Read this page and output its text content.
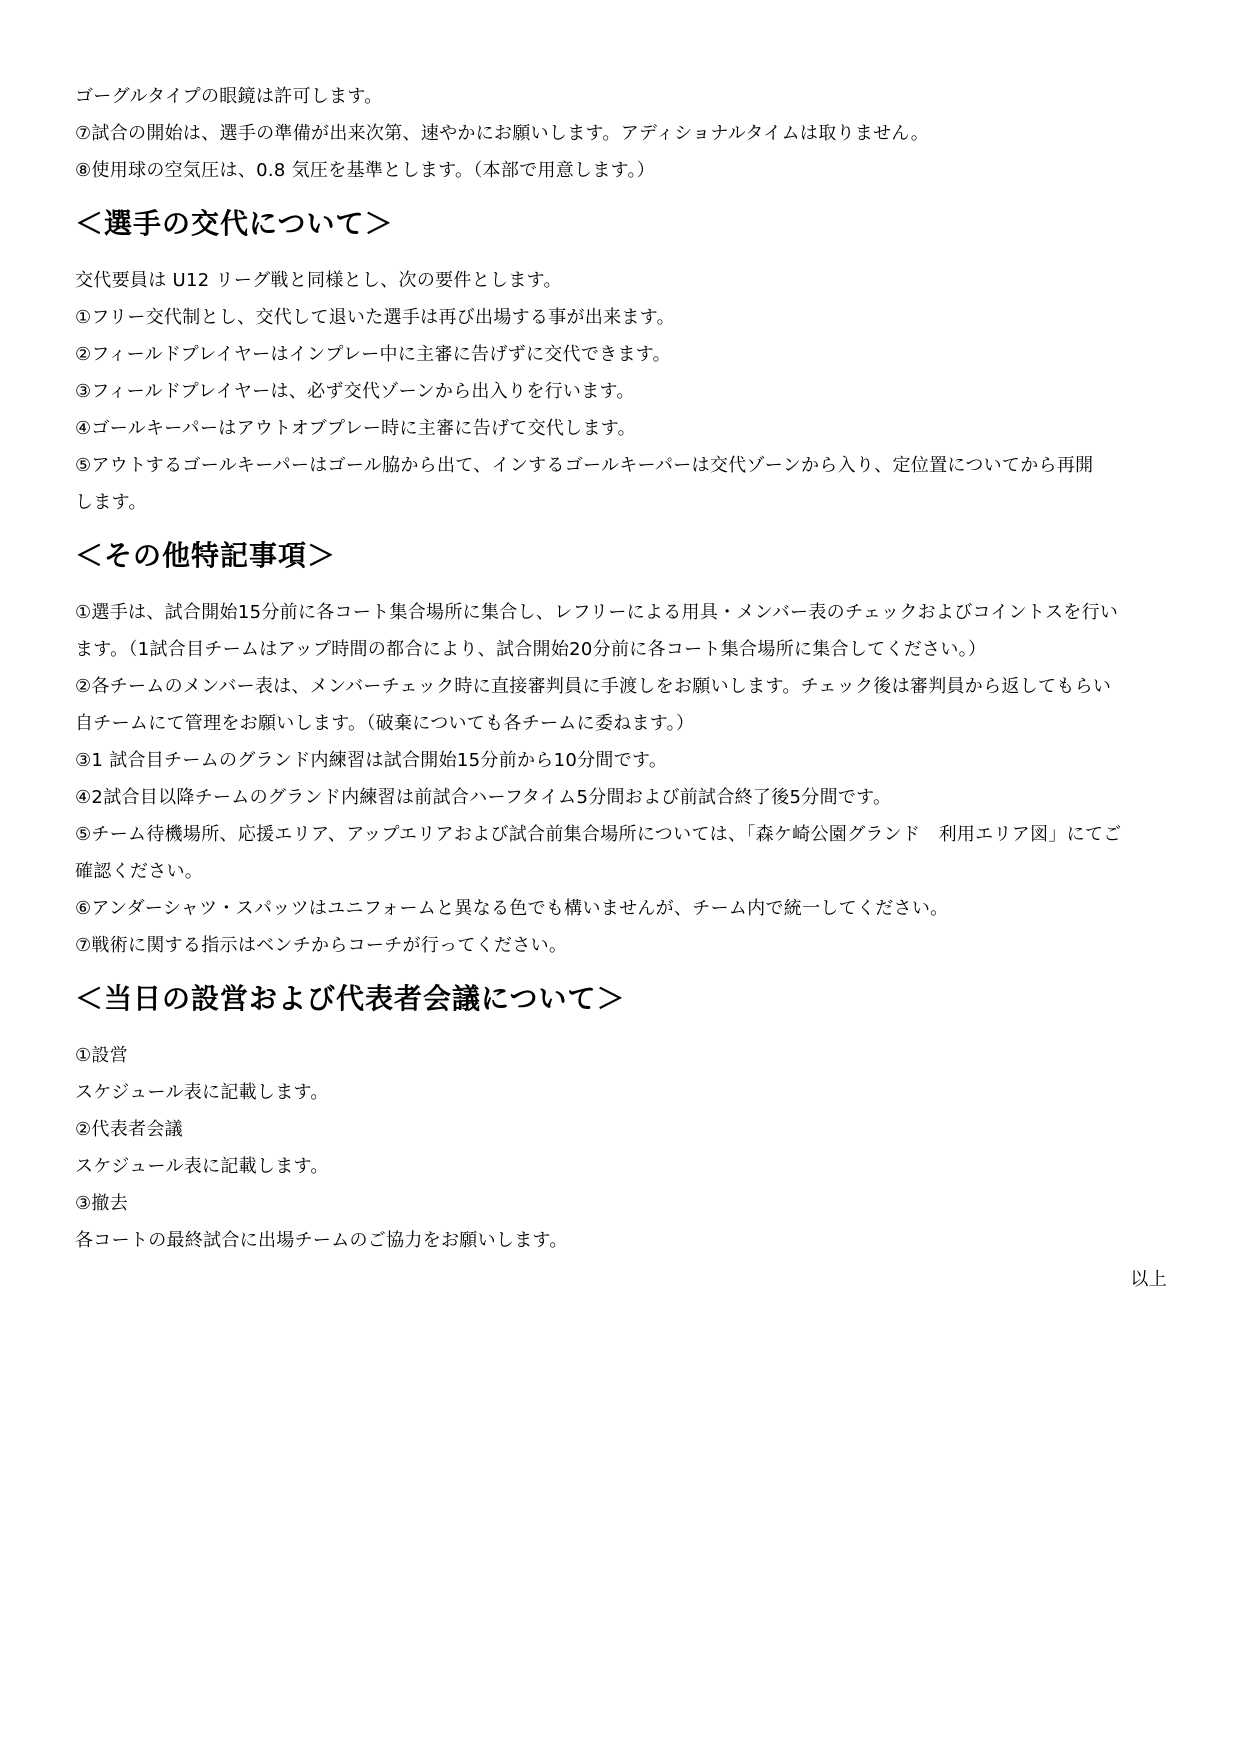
ゴーグルタイプの眼鏡は許可します。

⑦試合の開始は、選手の準備が出来次第、速やかにお願いします。アディショナルタイムは取りません。

⑧使用球の空気圧は、0.8 気圧を基準とします。（本部で用意します。）

＜選手の交代について＞

交代要員は U12 リーグ戦と同様とし、次の要件とします。

①フリー交代制とし、交代して退いた選手は再び出場する事が出来ます。

②フィールドプレイヤーはインプレー中に主審に告げずに交代できます。

③フィールドプレイヤーは、必ず交代ゾーンから出入りを行います。

④ゴールキーパーはアウトオブプレー時に主審に告げて交代します。

⑤アウトするゴールキーパーはゴール脇から出て、インするゴールキーパーは交代ゾーンから入り、定位置についてから再開

します。

＜その他特記事項＞

①選手は、試合開始15分前に各コート集合場所に集合し、レフリーによる用具・メンバー表のチェックおよびコイントスを行い

ます。（1試合目チームはアップ時間の都合により、試合開始20分前に各コート集合場所に集合してください。）

②各チームのメンバー表は、メンバーチェック時に直接審判員に手渡しをお願いします。チェック後は審判員から返してもらい

自チームにて管理をお願いします。（破棄についても各チームに委ねます。）

③1 試合目チームのグランド内練習は試合開始15分前から10分間です。

④2試合目以降チームのグランド内練習は前試合ハーフタイム5分間および前試合終了後5分間です。

⑤チーム待機場所、応援エリア、アップエリアおよび試合前集合場所については、「森ケ崎公園グランド　利用エリア図」にてご

確認ください。

⑥アンダーシャツ・スパッツはユニフォームと異なる色でも構いませんが、チーム内で統一してください。

⑦戦術に関する指示はベンチからコーチが行ってください。

＜当日の設営および代表者会議について＞

①設営

スケジュール表に記載します。

②代表者会議

スケジュール表に記載します。

③撤去

各コートの最終試合に出場チームのご協力をお願いします。

以上
